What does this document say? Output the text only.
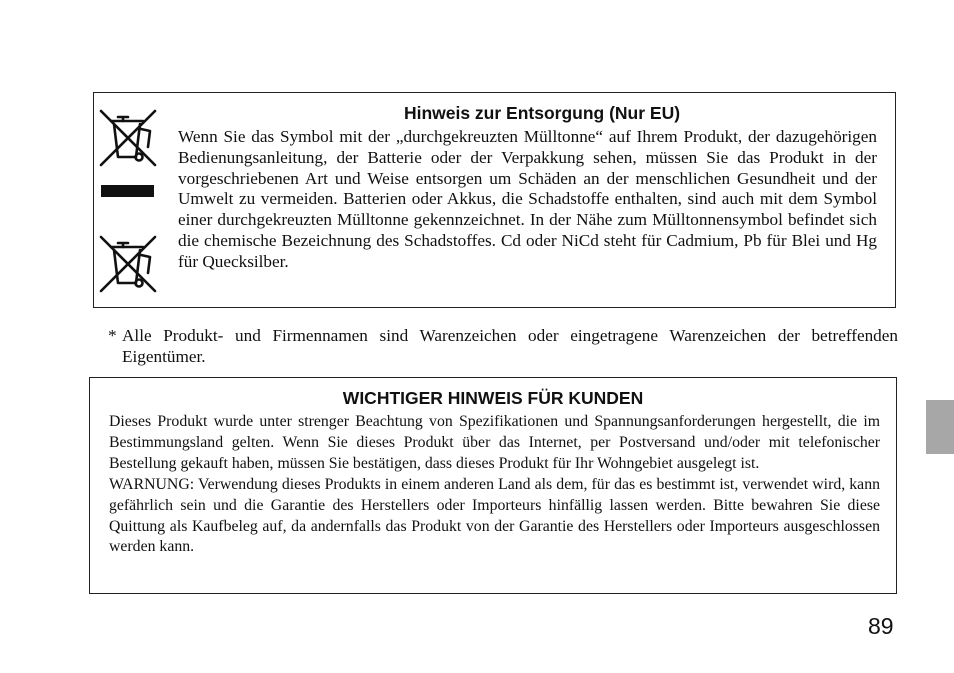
Hinweis zur Entsorgung (Nur EU)
Wenn Sie das Symbol mit der „durchgekreuzten Mülltonne“ auf Ihrem Produkt, der dazugehörigen Bedienungsanleitung, der Batterie oder der Verpakkung sehen, müssen Sie das Produkt in der vorgeschriebenen Art und Weise entsorgen um Schäden an der menschlichen Gesundheit und der Umwelt zu vermeiden. Batterien oder Akkus, die Schadstoffe enthalten, sind auch mit dem Symbol einer durchgekreuzten Mülltonne gekennzeichnet. In der Nähe zum Mülltonnensymbol befindet sich die chemische Bezeichnung des Schadstoffes. Cd oder NiCd steht für Cadmium, Pb für Blei und Hg für Quecksilber.
* Alle Produkt- und Firmennamen sind Warenzeichen oder eingetragene Warenzeichen der betreffenden Eigentümer.
WICHTIGER HINWEIS FÜR KUNDEN
Dieses Produkt wurde unter strenger Beachtung von Spezifikationen und Spannungsanforderungen hergestellt, die im Bestimmungsland gelten. Wenn Sie dieses Produkt über das Internet, per Postversand und/oder mit telefonischer Bestellung gekauft haben, müssen Sie bestätigen, dass dieses Produkt für Ihr Wohngebiet ausgelegt ist.
WARNUNG: Verwendung dieses Produkts in einem anderen Land als dem, für das es bestimmt ist, verwendet wird, kann gefährlich sein und die Garantie des Herstellers oder Importeurs hinfällig lassen werden. Bitte bewahren Sie diese Quittung als Kaufbeleg auf, da andernfalls das Produkt von der Garantie des Herstellers oder Importeurs ausgeschlossen werden kann.
89
